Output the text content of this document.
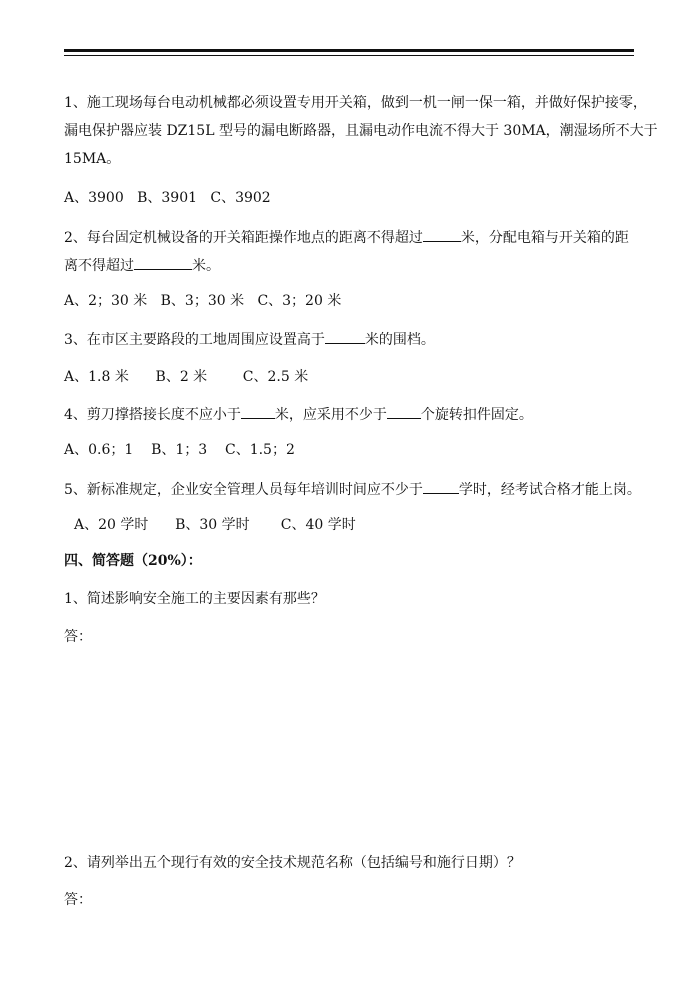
1、施工现场每台电动机械都必须设置专用开关箱，做到一机一闸一保一箱，并做好保护接零，
漏电保护器应装 DZ15L 型号的漏电断路器，且漏电动作电流不得大于 30MA，潮湿场所不大于
15MA。
A、3900   B、3901   C、3902
2、每台固定机械设备的开关箱距操作地点的距离不得超过	米，分配电箱与开关箱的距
离不得超过	米。
A、2；30 米   B、3；30 米   C、3；20 米
3、在市区主要路段的工地周围应设置高于	米的围档。
A、1.8 米      B、2 米        C、2.5 米
4、剪刀撑搭接长度不应小于 米，应采用不少于 个旋转扣件固定。
A、0.6；1    B、1；3    C、1.5；2
5、新标准规定，企业安全管理人员每年培训时间应不少于	学时，经考试合格才能上岗。
A、20 学时      B、30 学时       C、40 学时
四、简答题（20%）：
1、简述影响安全施工的主要因素有那些？
答：
2、请列举出五个现行有效的安全技术规范名称（包括编号和施行日期）？
答：
